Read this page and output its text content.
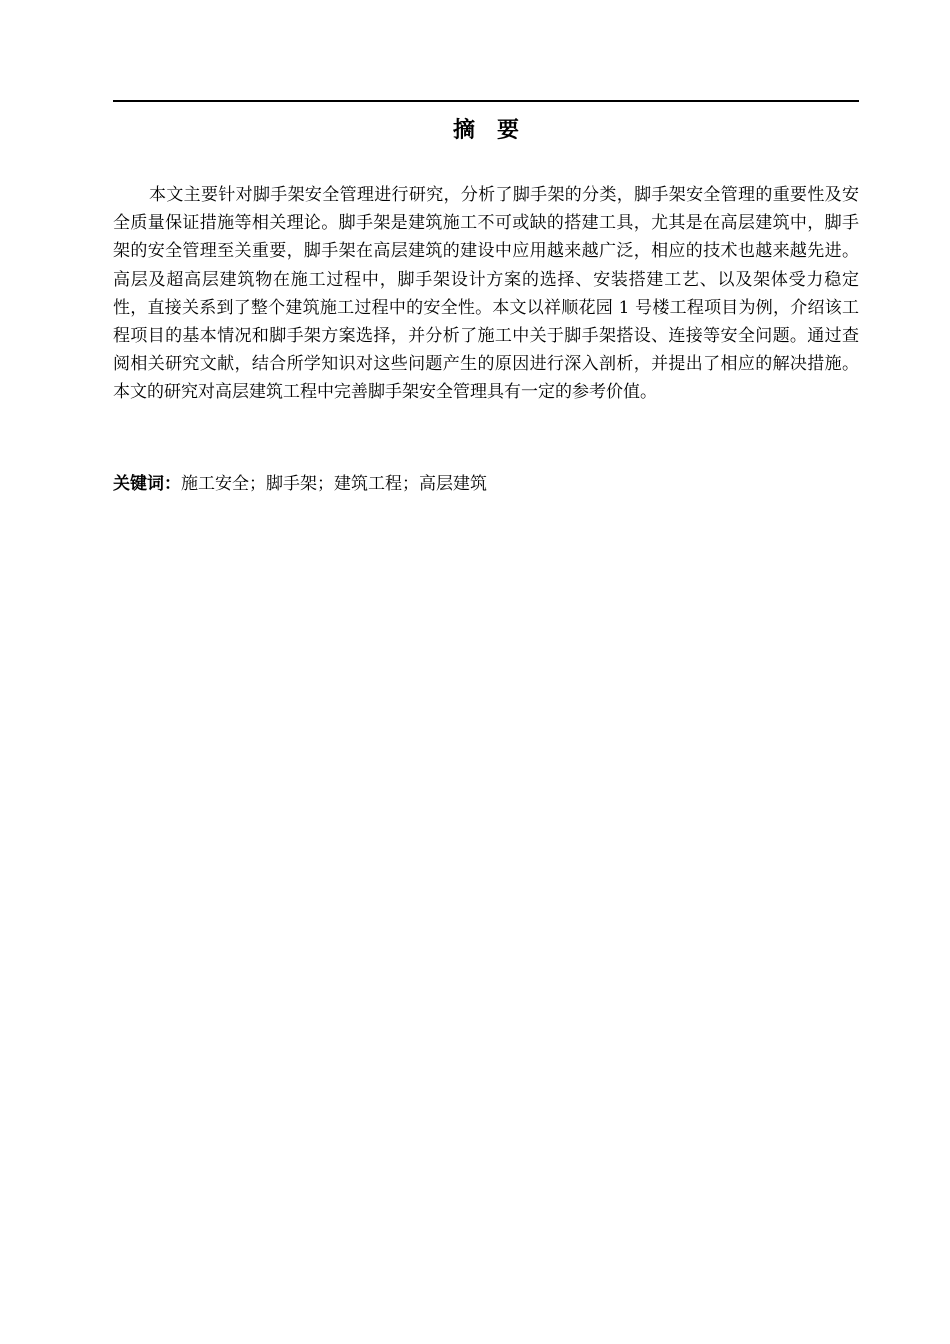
摘 要

本文主要针对脚手架安全管理进行研究，分析了脚手架的分类，脚手架安全管理的重要性及安全质量保证措施等相关理论。脚手架是建筑施工不可或缺的搭建工具，尤其是在高层建筑中，脚手架的安全管理至关重要，脚手架在高层建筑的建设中应用越来越广泛，相应的技术也越来越先进。高层及超高层建筑物在施工过程中，脚手架设计方案的选择、安装搭建工艺、以及架体受力稳定性，直接关系到了整个建筑施工过程中的安全性。本文以祥顺花园 1 号楼工程项目为例，介绍该工程项目的基本情况和脚手架方案选择，并分析了施工中关于脚手架搭设、连接等安全问题。通过查阅相关研究文献，结合所学知识对这些问题产生的原因进行深入剖析，并提出了相应的解决措施。本文的研究对高层建筑工程中完善脚手架安全管理具有一定的参考价值。

关键词：施工安全；脚手架；建筑工程；高层建筑
